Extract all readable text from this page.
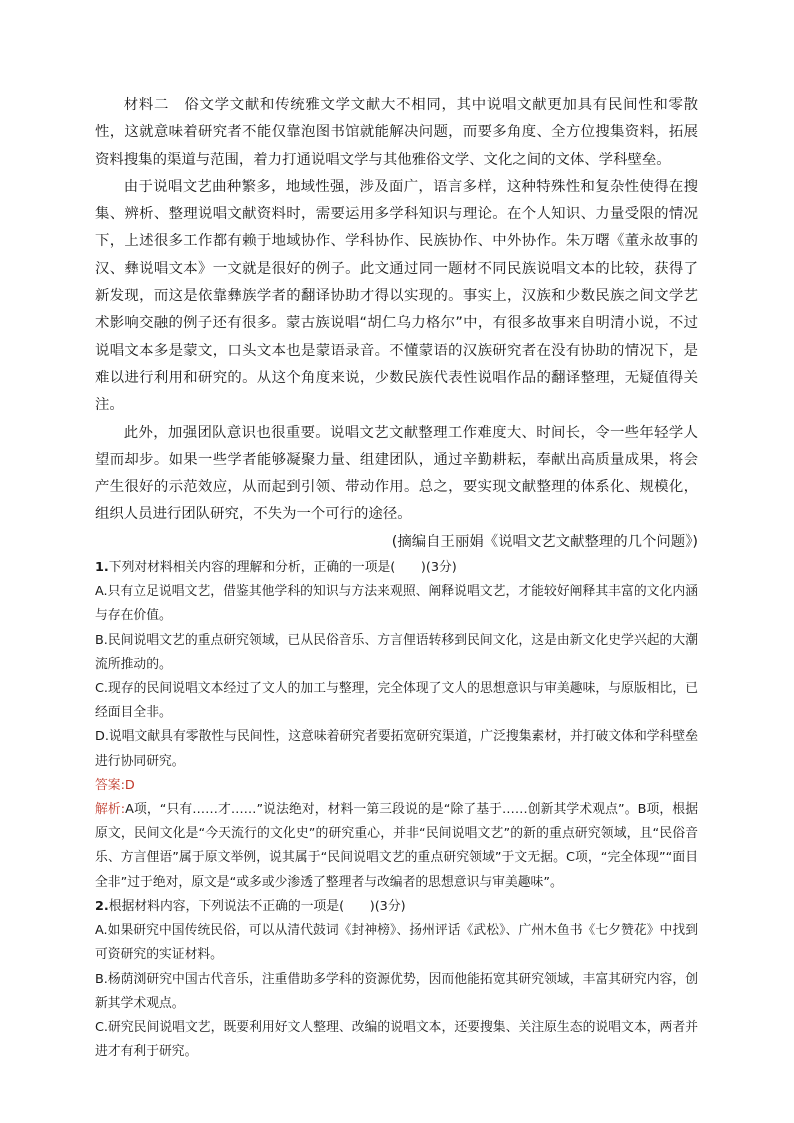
材料二　俗文学文献和传统雅文学文献大不相同，其中说唱文献更加具有民间性和零散性，这就意味着研究者不能仅靠泡图书馆就能解决问题，而要多角度、全方位搜集资料，拓展资料搜集的渠道与范围，着力打通说唱文学与其他雅俗文学、文化之间的文体、学科壁垒。

由于说唱文艺曲种繁多，地域性强，涉及面广，语言多样，这种特殊性和复杂性使得在搜集、辨析、整理说唱文献资料时，需要运用多学科知识与理论。在个人知识、力量受限的情况下，上述很多工作都有赖于地域协作、学科协作、民族协作、中外协作。朱万曙《董永故事的汉、彝说唱文本》一文就是很好的例子。此文通过同一题材不同民族说唱文本的比较，获得了新发现，而这是依靠彝族学者的翻译协助才得以实现的。事实上，汉族和少数民族之间文学艺术影响交融的例子还有很多。蒙古族说唱“胡仁乌力格尔”中，有很多故事来自明清小说，不过说唱文本多是蒙文，口头文本也是蒙语录音。不懂蒙语的汉族研究者在没有协助的情况下，是难以进行利用和研究的。从这个角度来说，少数民族代表性说唱作品的翻译整理，无疑值得关注。

此外，加强团队意识也很重要。说唱文艺文献整理工作难度大、时间长，令一些年轻学人望而却步。如果一些学者能够凝聚力量、组建团队，通过辛勤耕耘，奉献出高质量成果，将会产生很好的示范效应，从而起到引领、带动作用。总之，要实现文献整理的体系化、规模化，组织人员进行团队研究，不失为一个可行的途径。

(摘编自王丽娟《说唱文艺文献整理的几个问题》)

1.下列对材料相关内容的理解和分析，正确的一项是(　　)(3分)

A.只有立足说唱文艺，借鉴其他学科的知识与方法来观照、阐释说唱文艺，才能较好阐释其丰富的文化内涵与存在价值。

B.民间说唱文艺的重点研究领域，已从民俗音乐、方言俚语转移到民间文化，这是由新文化史学兴起的大潮流所推动的。

C.现存的民间说唱文本经过了文人的加工与整理，完全体现了文人的思想意识与审美趣味，与原版相比，已经面目全非。

D.说唱文献具有零散性与民间性，这意味着研究者要拓宽研究渠道，广泛搜集素材，并打破文体和学科壁垒进行协同研究。

答案:D

解析:A项，“只有……才……”说法绝对，材料一第三段说的是“除了基于……创新其学术观点”。B项，根据原文，民间文化是“今天流行的文化史”的研究重心，并非“民间说唱文艺”的新的重点研究领域，且“民俗音乐、方言俚语”属于原文举例，说其属于“民间说唱文艺的重点研究领域”于文无据。C项，“完全体现”“面目全非”过于绝对，原文是“或多或少渗透了整理者与改编者的思想意识与审美趣味”。

2.根据材料内容，下列说法不正确的一项是(　　)(3分)

A.如果研究中国传统民俗，可以从清代鼓词《封神榜》、扬州评话《武松》、广州木鱼书《七夕赞花》中找到可资研究的实证材料。

B.杨荫浏研究中国古代音乐，注重借助多学科的资源优势，因而他能拓宽其研究领域，丰富其研究内容，创新其学术观点。

C.研究民间说唱文艺，既要利用好文人整理、改编的说唱文本，还要搜集、关注原生态的说唱文本，两者并进才有利于研究。
